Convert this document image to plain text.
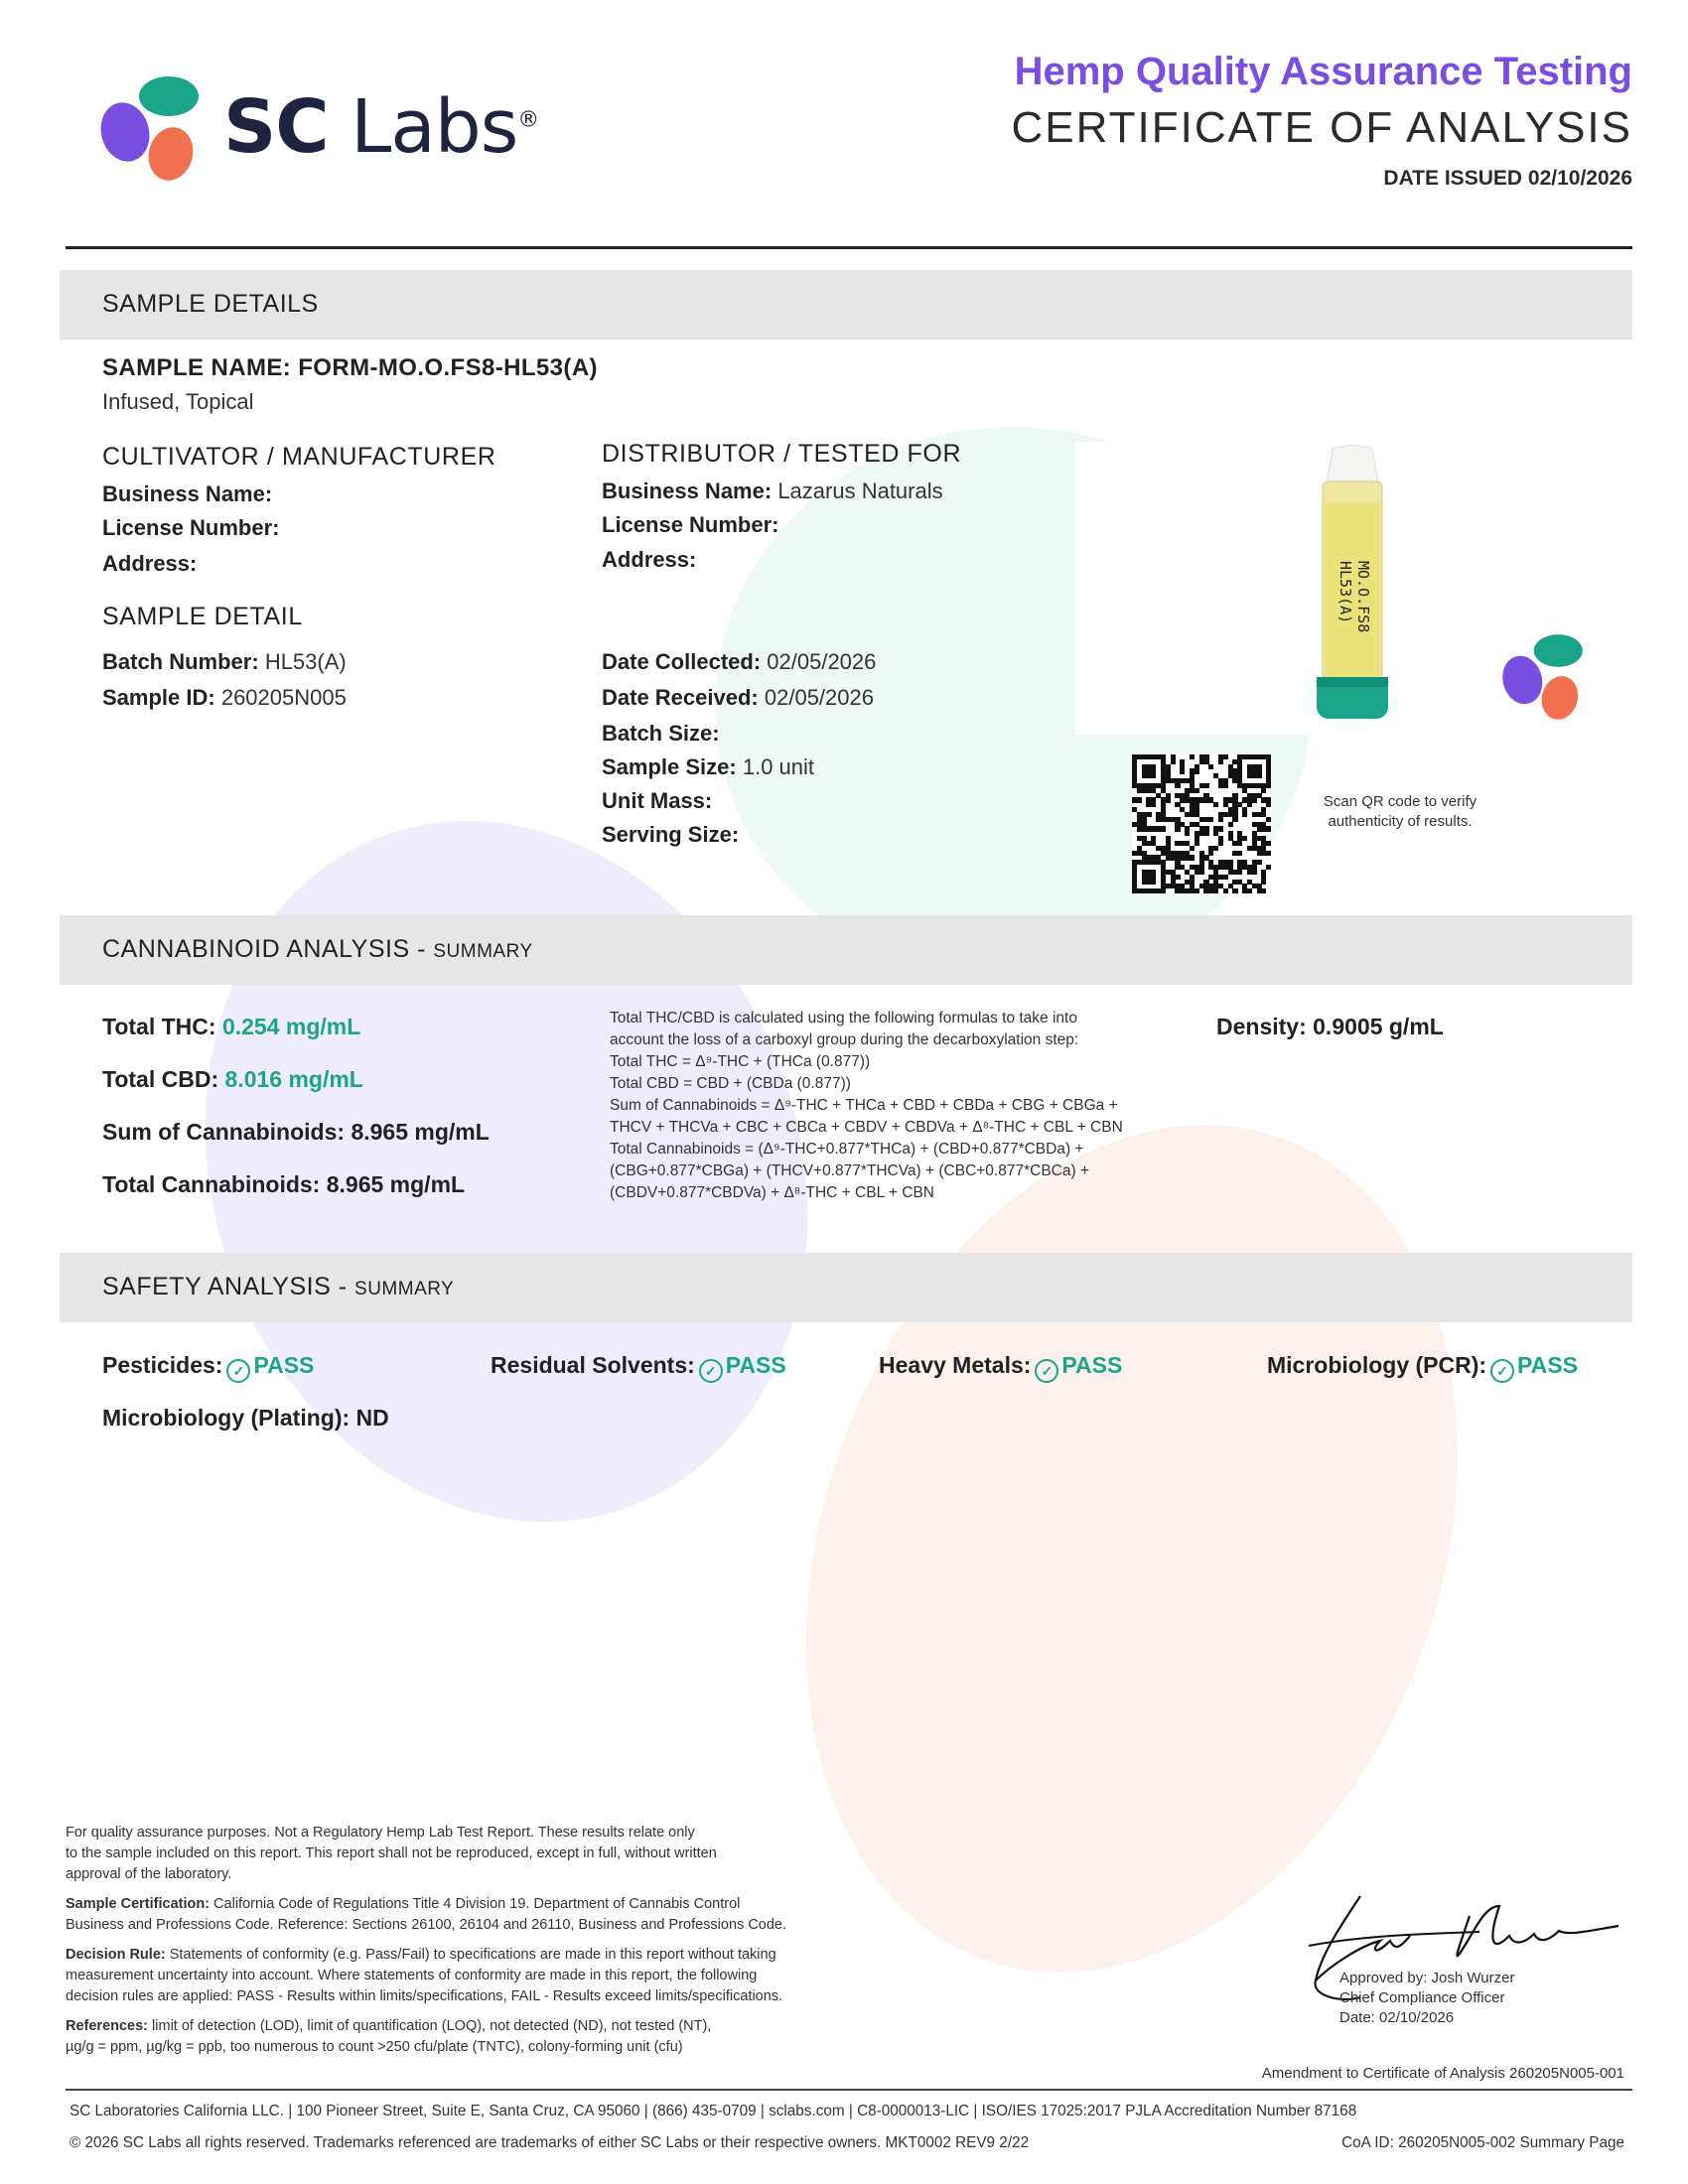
SC Labs®
Hemp Quality Assurance Testing
CERTIFICATE OF ANALYSIS
DATE ISSUED 02/10/2026
SAMPLE DETAILS
SAMPLE NAME: FORM-MO.O.FS8-HL53(A)
Infused, Topical
CULTIVATOR / MANUFACTURER
Business Name:
License Number:
Address:
DISTRIBUTOR / TESTED FOR
Business Name: Lazarus Naturals
License Number:
Address:
SAMPLE DETAIL
Batch Number: HL53(A)
Sample ID: 260205N005
Date Collected: 02/05/2026
Date Received: 02/05/2026
Batch Size:
Sample Size: 1.0 unit
Unit Mass:
Serving Size:
MO.O.FS8
HL53(A)
Scan QR code to verify
authenticity of results.
CANNABINOID ANALYSIS - SUMMARY
Total THC: 0.254 mg/mL
Total CBD: 8.016 mg/mL
Sum of Cannabinoids: 8.965 mg/mL
Total Cannabinoids: 8.965 mg/mL
Total THC/CBD is calculated using the following formulas to take into
account the loss of a carboxyl group during the decarboxylation step:
Total THC = Δ⁹-THC + (THCa (0.877))
Total CBD = CBD + (CBDa (0.877))
Sum of Cannabinoids = Δ⁹-THC + THCa + CBD + CBDa + CBG + CBGa +
THCV + THCVa + CBC + CBCa + CBDV + CBDVa + Δ⁸-THC + CBL + CBN
Total Cannabinoids = (Δ⁹-THC+0.877*THCa) + (CBD+0.877*CBDa) +
(CBG+0.877*CBGa) + (THCV+0.877*THCVa) + (CBC+0.877*CBCa) +
(CBDV+0.877*CBDVa) + Δ⁸-THC + CBL + CBN
Density: 0.9005 g/mL
SAFETY ANALYSIS - SUMMARY
Pesticides: ✓ PASS	Residual Solvents: ✓ PASS	Heavy Metals: ✓ PASS	Microbiology (PCR): ✓ PASS
Microbiology (Plating): ND
For quality assurance purposes. Not a Regulatory Hemp Lab Test Report. These results relate only
to the sample included on this report. This report shall not be reproduced, except in full, without written
approval of the laboratory.
Sample Certification: California Code of Regulations Title 4 Division 19. Department of Cannabis Control
Business and Professions Code. Reference: Sections 26100, 26104 and 26110, Business and Professions Code.
Decision Rule: Statements of conformity (e.g. Pass/Fail) to specifications are made in this report without taking
measurement uncertainty into account. Where statements of conformity are made in this report, the following
decision rules are applied: PASS - Results within limits/specifications, FAIL - Results exceed limits/specifications.
References: limit of detection (LOD), limit of quantification (LOQ), not detected (ND), not tested (NT),
µg/g = ppm, µg/kg = ppb, too numerous to count >250 cfu/plate (TNTC), colony-forming unit (cfu)
Approved by: Josh Wurzer
Chief Compliance Officer
Date: 02/10/2026
Amendment to Certificate of Analysis 260205N005-001
SC Laboratories California LLC. | 100 Pioneer Street, Suite E, Santa Cruz, CA 95060 | (866) 435-0709 | sclabs.com | C8-0000013-LIC | ISO/IES 17025:2017 PJLA Accreditation Number 87168
© 2026 SC Labs all rights reserved. Trademarks referenced are trademarks of either SC Labs or their respective owners. MKT0002 REV9 2/22	CoA ID: 260205N005-002 Summary Page
